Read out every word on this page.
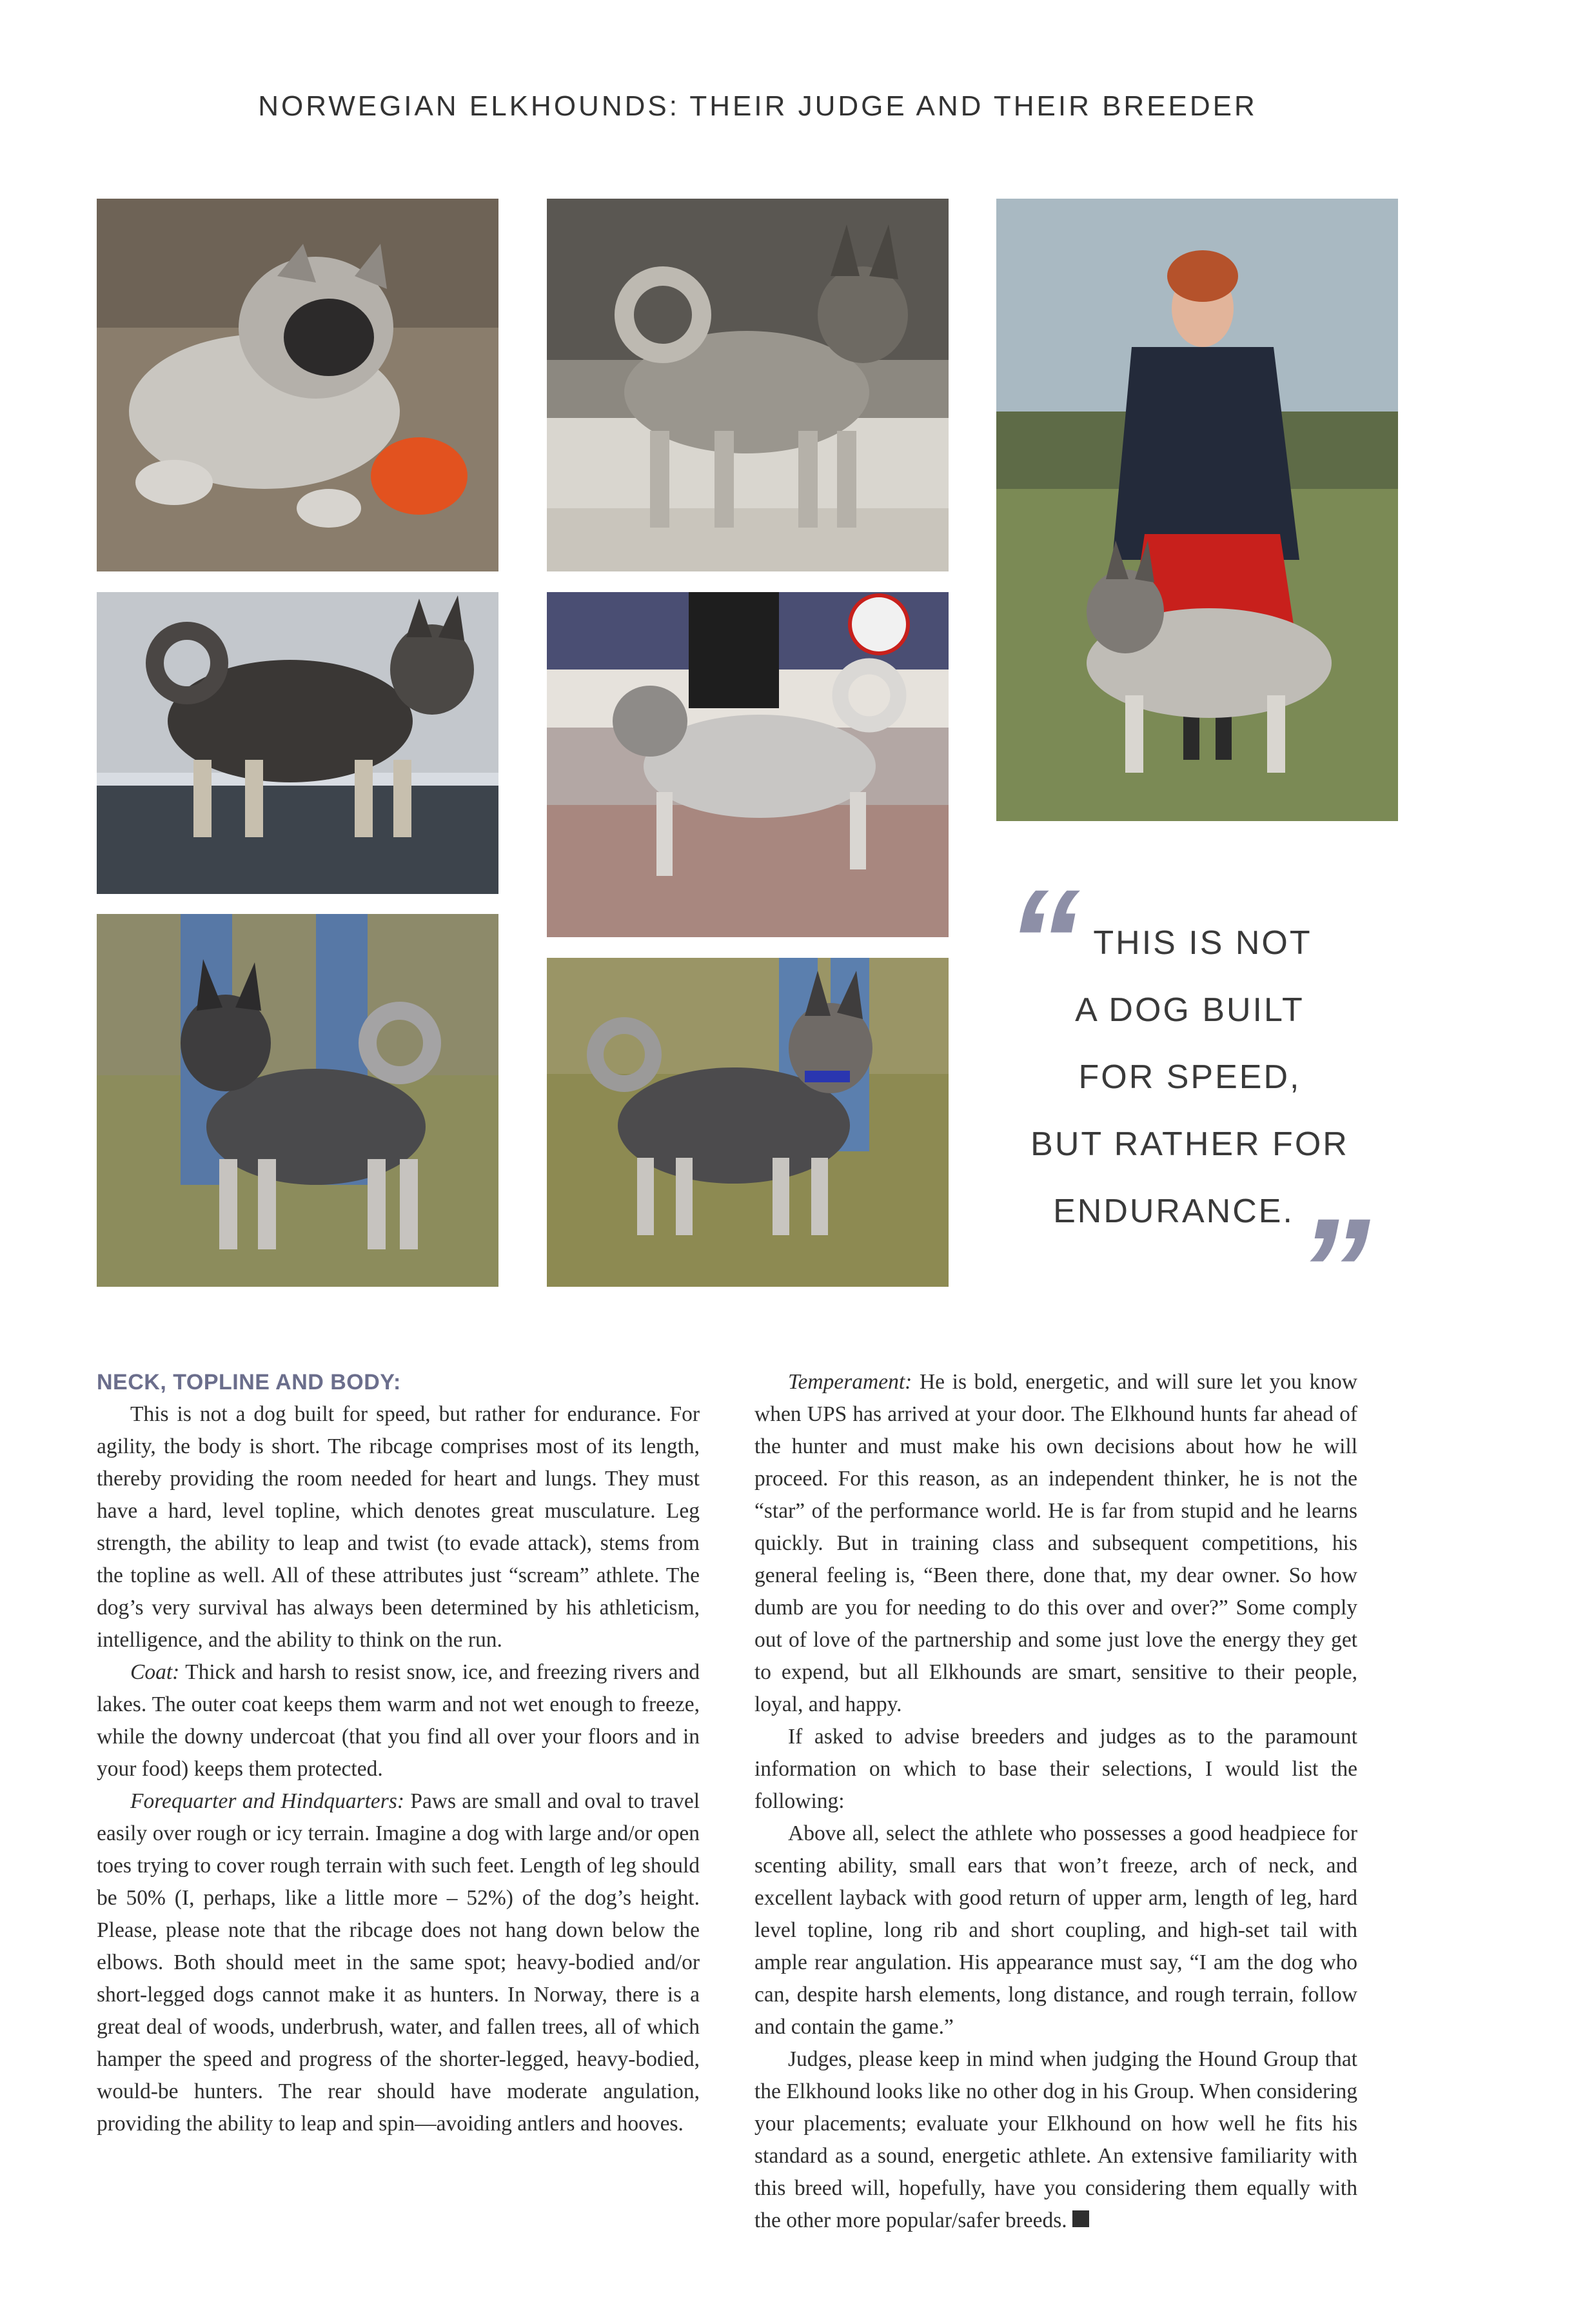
NORWEGIAN ELKHOUNDS: THEIR JUDGE AND THEIR BREEDER
“ THIS IS NOT
A DOG BUILT
FOR SPEED,
BUT RATHER FOR
ENDURANCE. ”
NECK, TOPLINE AND BODY:

This is not a dog built for speed, but rather for endurance. For agility, the body is short. The ribcage comprises most of its length, thereby providing the room needed for heart and lungs. They must have a hard, level topline, which denotes great musculature. Leg strength, the ability to leap and twist (to evade attack), stems from the topline as well. All of these attributes just “scream” athlete. The dog’s very survival has always been determined by his athleticism, intelligence, and the ability to think on the run.

Coat: Thick and harsh to resist snow, ice, and freezing rivers and lakes. The outer coat keeps them warm and not wet enough to freeze, while the downy undercoat (that you find all over your floors and in your food) keeps them protected.

Forequarter and Hindquarters: Paws are small and oval to travel easily over rough or icy terrain. Imagine a dog with large and/or open toes trying to cover rough terrain with such feet. Length of leg should be 50% (I, perhaps, like a little more – 52%) of the dog’s height. Please, please note that the ribcage does not hang down below the elbows. Both should meet in the same spot; heavy-bodied and/or short-legged dogs cannot make it as hunters. In Norway, there is a great deal of woods, underbrush, water, and fallen trees, all of which hamper the speed and progress of the shorter-legged, heavy-bodied, would-be hunters. The rear should have moderate angulation, providing the ability to leap and spin—avoiding antlers and hooves.

Temperament: He is bold, energetic, and will sure let you know when UPS has arrived at your door. The Elkhound hunts far ahead of the hunter and must make his own decisions about how he will proceed. For this reason, as an independent thinker, he is not the “star” of the performance world. He is far from stupid and he learns quickly. But in training class and subsequent competitions, his general feeling is, “Been there, done that, my dear owner. So how dumb are you for needing to do this over and over?” Some comply out of love of the partnership and some just love the energy they get to expend, but all Elkhounds are smart, sensitive to their people, loyal, and happy.

If asked to advise breeders and judges as to the paramount information on which to base their selections, I would list the following:

Above all, select the athlete who possesses a good headpiece for scenting ability, small ears that won’t freeze, arch of neck, and excellent layback with good return of upper arm, length of leg, hard level topline, long rib and short coupling, and high-set tail with ample rear angulation. His appearance must say, “I am the dog who can, despite harsh elements, long distance, and rough terrain, follow and contain the game.”

Judges, please keep in mind when judging the Hound Group that the Elkhound looks like no other dog in his Group. When considering your placements; evaluate your Elkhound on how well he fits his standard as a sound, energetic athlete. An extensive familiarity with this breed will, hopefully, have you considering them equally with the other more popular/safer breeds.
